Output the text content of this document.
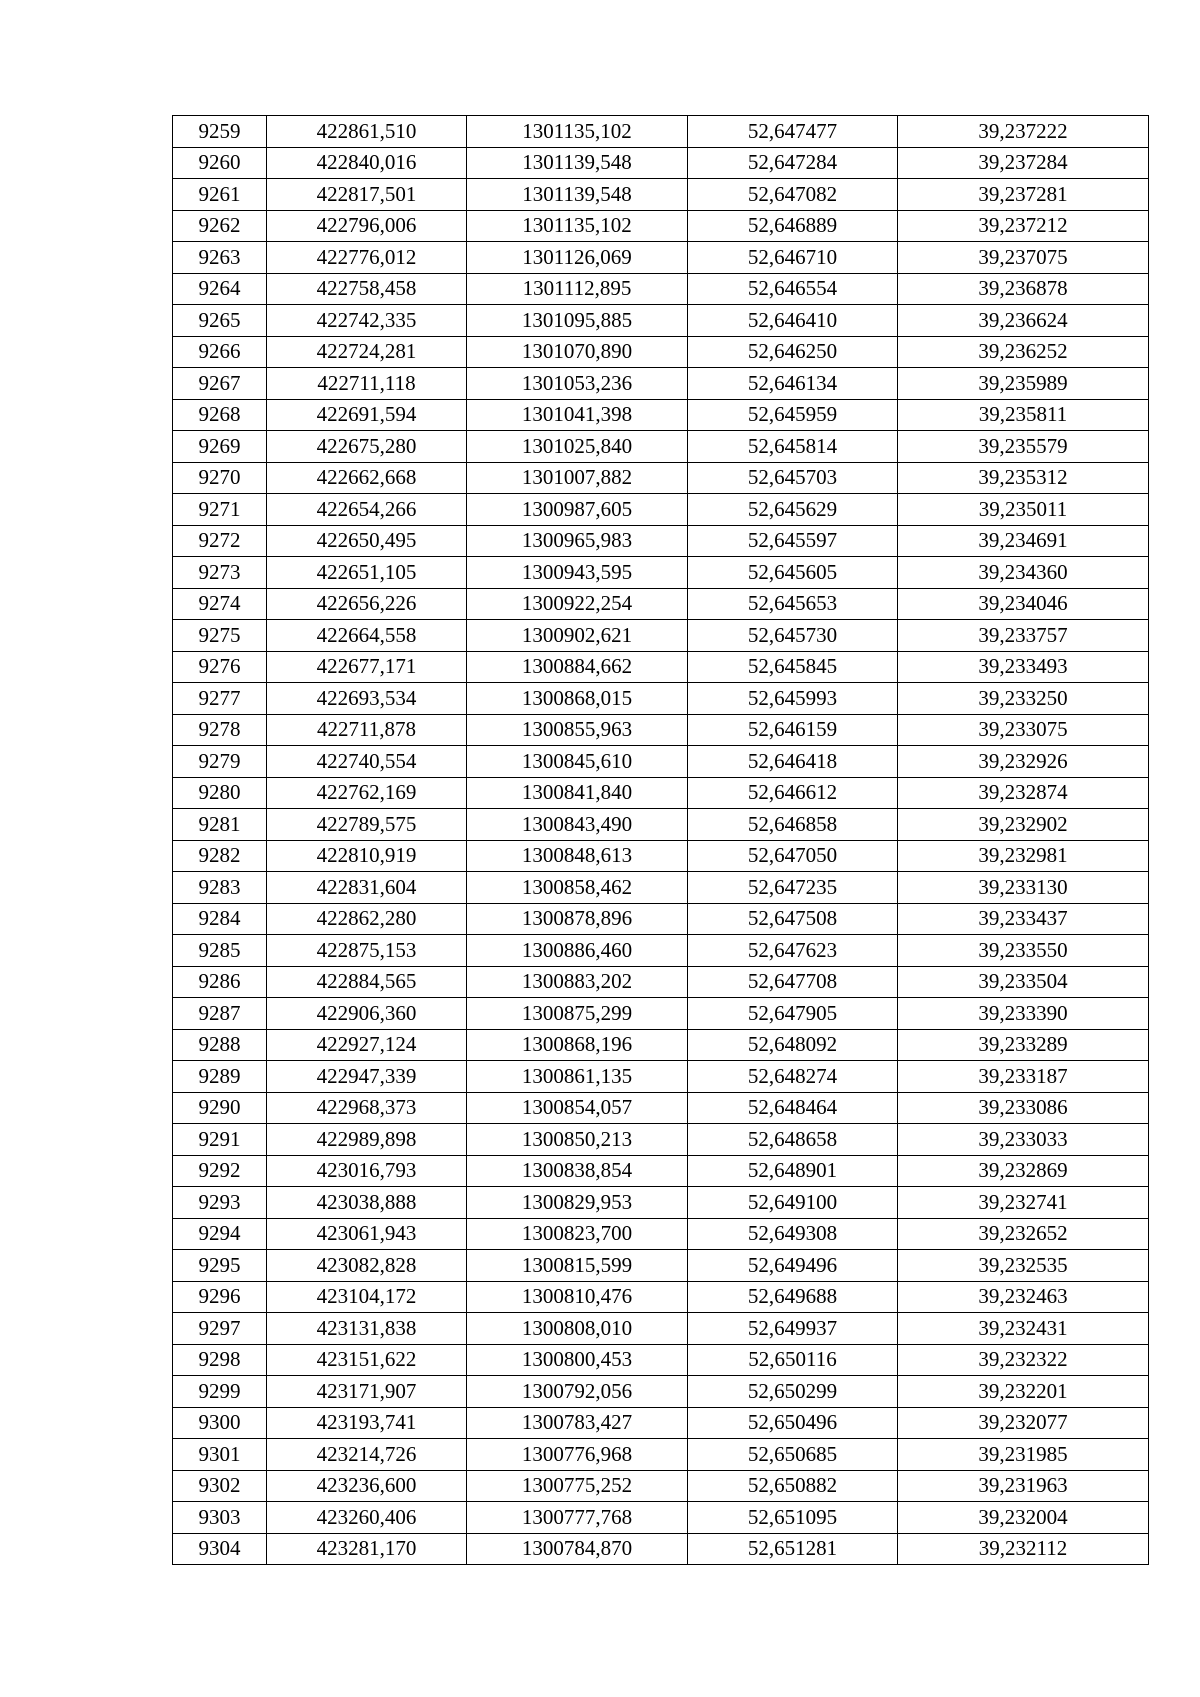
9259	422861,510	1301135,102	52,647477	39,237222
9260	422840,016	1301139,548	52,647284	39,237284
9261	422817,501	1301139,548	52,647082	39,237281
9262	422796,006	1301135,102	52,646889	39,237212
9263	422776,012	1301126,069	52,646710	39,237075
9264	422758,458	1301112,895	52,646554	39,236878
9265	422742,335	1301095,885	52,646410	39,236624
9266	422724,281	1301070,890	52,646250	39,236252
9267	422711,118	1301053,236	52,646134	39,235989
9268	422691,594	1301041,398	52,645959	39,235811
9269	422675,280	1301025,840	52,645814	39,235579
9270	422662,668	1301007,882	52,645703	39,235312
9271	422654,266	1300987,605	52,645629	39,235011
9272	422650,495	1300965,983	52,645597	39,234691
9273	422651,105	1300943,595	52,645605	39,234360
9274	422656,226	1300922,254	52,645653	39,234046
9275	422664,558	1300902,621	52,645730	39,233757
9276	422677,171	1300884,662	52,645845	39,233493
9277	422693,534	1300868,015	52,645993	39,233250
9278	422711,878	1300855,963	52,646159	39,233075
9279	422740,554	1300845,610	52,646418	39,232926
9280	422762,169	1300841,840	52,646612	39,232874
9281	422789,575	1300843,490	52,646858	39,232902
9282	422810,919	1300848,613	52,647050	39,232981
9283	422831,604	1300858,462	52,647235	39,233130
9284	422862,280	1300878,896	52,647508	39,233437
9285	422875,153	1300886,460	52,647623	39,233550
9286	422884,565	1300883,202	52,647708	39,233504
9287	422906,360	1300875,299	52,647905	39,233390
9288	422927,124	1300868,196	52,648092	39,233289
9289	422947,339	1300861,135	52,648274	39,233187
9290	422968,373	1300854,057	52,648464	39,233086
9291	422989,898	1300850,213	52,648658	39,233033
9292	423016,793	1300838,854	52,648901	39,232869
9293	423038,888	1300829,953	52,649100	39,232741
9294	423061,943	1300823,700	52,649308	39,232652
9295	423082,828	1300815,599	52,649496	39,232535
9296	423104,172	1300810,476	52,649688	39,232463
9297	423131,838	1300808,010	52,649937	39,232431
9298	423151,622	1300800,453	52,650116	39,232322
9299	423171,907	1300792,056	52,650299	39,232201
9300	423193,741	1300783,427	52,650496	39,232077
9301	423214,726	1300776,968	52,650685	39,231985
9302	423236,600	1300775,252	52,650882	39,231963
9303	423260,406	1300777,768	52,651095	39,232004
9304	423281,170	1300784,870	52,651281	39,232112
